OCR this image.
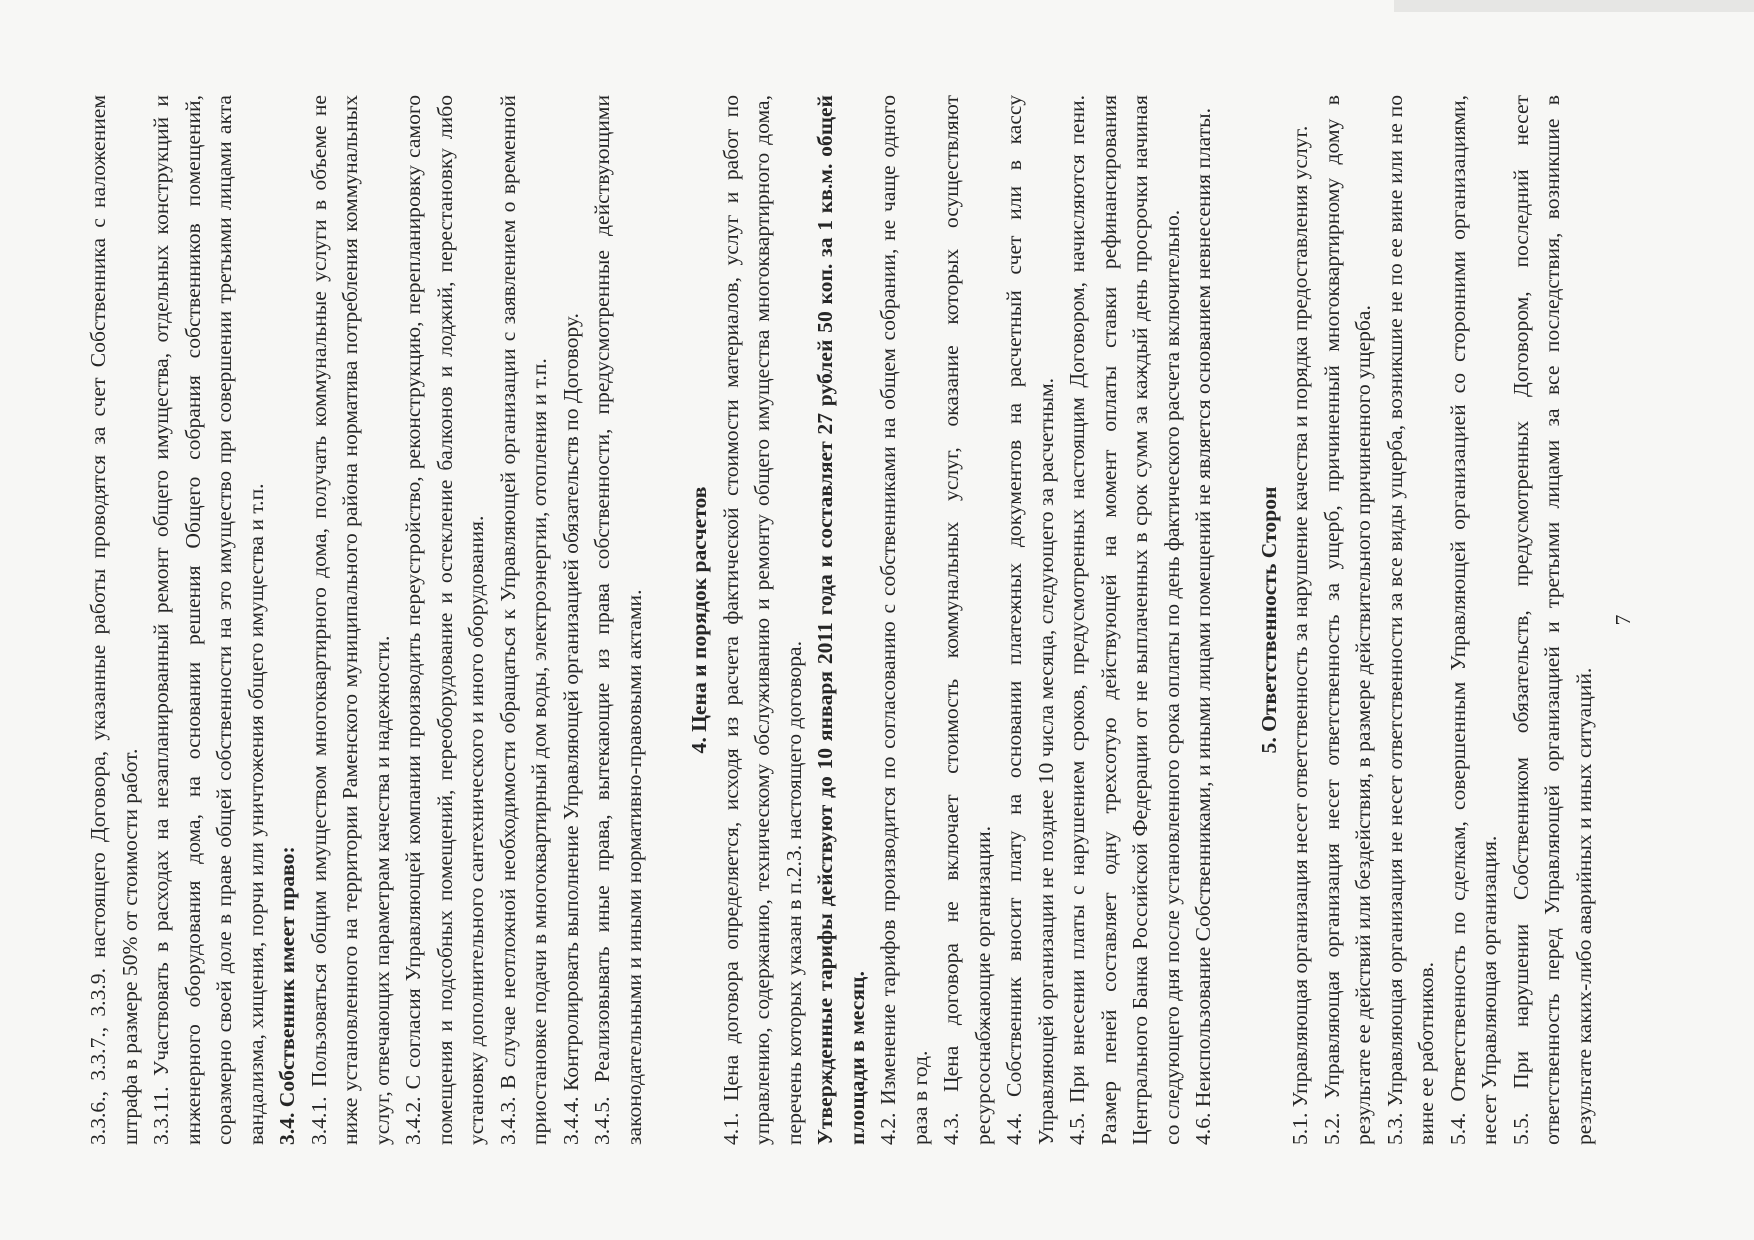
3.3.6., 3.3.7., 3.3.9. настоящего Договора, указанные работы проводятся за счет Собственника с наложением штрафа в размере 50% от стоимости работ. 3.3.11. Участвовать в расходах на незапланированный ремонт общего имущества, отдельных конструкций и инженерного оборудования дома, на основании решения Общего собрания собственников помещений, соразмерно своей доле в праве общей собственности на это имущество при совершении третьими лицами акта вандализма, хищения, порчи или уничтожения общего имущества и т.п. 3.4. Собственник имеет право: 3.4.1. Пользоваться общим имуществом многоквартирного дома, получать коммунальные услуги в объеме не ниже установленного на территории Раменского муниципального района норматива потребления коммунальных услуг, отвечающих параметрам качества и надежности. 3.4.2. С согласия Управляющей компании производить переустройство, реконструкцию, перепланировку самого помещения и подсобных помещений, переоборудование и остекление балконов и лоджий, перестановку либо установку дополнительного сантехнического и иного оборудования. 3.4.3. В случае неотложной необходимости обращаться к Управляющей организации с заявлением о временной приостановке подачи в многоквартирный дом воды, электроэнергии, отопления и т.п. 3.4.4. Контролировать выполнение Управляющей организацией обязательств по Договору. 3.4.5. Реализовывать иные права, вытекающие из права собственности, предусмотренные действующими законодательными и иными нормативно-правовыми актами. 4. Цена и порядок расчетов 4.1. Цена договора определяется, исходя из расчета фактической стоимости материалов, услуг и работ по управлению, содержанию, техническому обслуживанию и ремонту общего имущества многоквартирного дома, перечень которых указан в п.2.3. настоящего договора. Утвержденные тарифы действуют до 10 января 2011 года и составляет 27 рублей 50 коп. за 1 кв.м. общей площади в месяц. 4.2. Изменение тарифов производится по согласованию с собственниками на общем собрании, не чаще одного раза в год. 4.3. Цена договора не включает стоимость коммунальных услуг, оказание которых осуществляют ресурсоснабжающие организации. 4.4. Собственник вносит плату на основании платежных документов на расчетный счет или в кассу Управляющей организации не позднее 10 числа месяца, следующего за расчетным. 4.5. При внесении платы с нарушением сроков, предусмотренных настоящим Договором, начисляются пени. Размер пеней составляет одну трехсотую действующей на момент оплаты ставки рефинансирования Центрального Банка Российской Федерации от не выплаченных в срок сумм за каждый день просрочки начиная со следующего дня после установленного срока оплаты по день фактического расчета включительно. 4.6. Неиспользование Собственниками, и иными лицами помещений не является основанием невнесения платы. 5. Ответственность Сторон 5.1. Управляющая организация несет ответственность за нарушение качества и порядка предоставления услуг. 5.2. Управляющая организация несет ответственность за ущерб, причиненный многоквартирному дому в результате ее действий или бездействия, в размере действительного причиненного ущерба. 5.3. Управляющая организация не несет ответственности за все виды ущерба, возникшие не по ее вине или не по вине ее работников. 5.4. Ответственность по сделкам, совершенным Управляющей организацией со сторонними организациями, несет Управляющая организация. 5.5. При нарушении Собственником обязательств, предусмотренных Договором, последний несет ответственность перед Управляющей организацией и третьими лицами за все последствия, возникшие в результате каких-либо аварийных и иных ситуаций.

7
